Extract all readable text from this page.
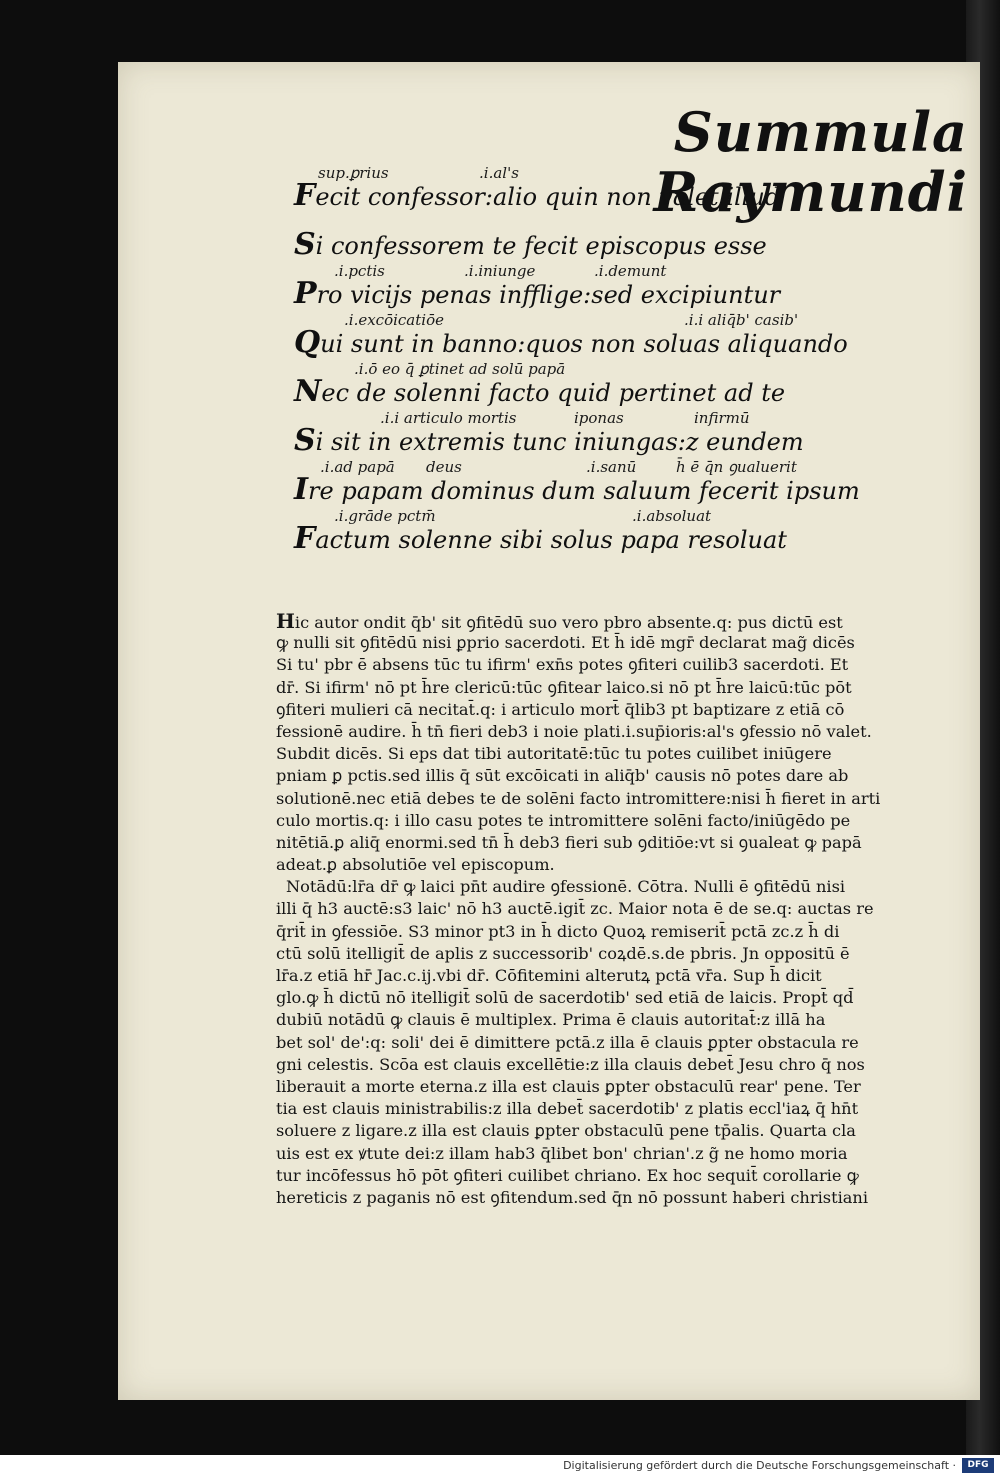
Summula Raymundi
sup.ꝑrius	.i.al's
Fecit confessor:alio quin non valet illud
Si confessorem te fecit episcopus esse
.i.pctis	.i.iniunge	.i.demunt
Pro vicijs penas infflige:sed excipiuntur
.i.excōicatiōe	.i.i aliq̄b' casib'
Qui sunt in banno:quos non soluas aliquando
.i.ō eo q̄ ꝑtinet ad solū papā
Nec de solenni facto quid pertinet ad te
.i.i articulo mortis	iponas	infirmū
Si sit in extremis tunc iniungas:z eundem
.i.ad papā deus	.i.sanū	h̄ ē q̄n ꝯualuerit
Ire papam dominus dum saluum fecerit ipsum
.i.grāde pctm̄	.i.absoluat
Factum solenne sibi solus papa resoluat
Hic autor ondit q̄b' sit ꝯfitēdū suo vero pbro absente.q: pus dictū est
ꝙ nulli sit ꝯfitēdū nisi ꝑprio sacerdoti. Et h̄ idē mgr̄ declarat mag̃ dicēs
Si tu' pbr ē absens tūc tu ifirm' exn̄s potes ꝯfiteri cuilib3 sacerdoti. Et
dr̄. Si ifirm' nō pt h̄re clericū:tūc ꝯfitear laico.si nō pt h̄re laicū:tūc pōt
ꝯfiteri mulieri cā necitat̄.q: i articulo mort̄ q̄lib3 pt baptizare z etiā cō
fessionē audire. h̄ tn̄ fieri deb3 i noie plati.i.sup̄ioris:al's ꝯfessio nō valet.
Subdit dicēs. Si eps dat tibi autoritatē:tūc tu potes cuilibet iniūgere
pniam ꝑ pctis.sed illis q̄ sūt excōicati in aliq̄b' causis nō potes dare ab
solutionē.nec etiā debes te de solēni facto intromittere:nisi h̄ fieret in arti
culo mortis.q: i illo casu potes te intromittere solēni facto/iniūgēdo pe
nitētiā.ꝑ aliq̄ enormi.sed tn̄ h̄ deb3 fieri sub ꝯditiōe:vt si ꝯualeat ꝙ papā
adeat.ꝑ absolutiōe vel episcopum.
Notādū:lr̄a dr̄ ꝙ laici pn̄t audire ꝯfessionē. Cōtra. Nulli ē ꝯfitēdū nisi
illi q̄ h3 auctē:s3 laic' nō h3 auctē.igit̄ zc. Maior nota ē de se.q: auctas re
q̄rit̄ in ꝯfessiōe. S3 minor pt3 in h̄ dicto Quoꝝ remiserit̄ pctā zc.z h̄ di
ctū solū itelligit̄ de aplis z successorib' coꝝdē.s.de pbris. Jn oppositū ē
lr̄a.z etiā hr̄ Jac.c.ij.vbi dr̄. Cōfitemini alterutꝝ pctā vr̄a. Sup h̄ dicit
glo.ꝙ h̄ dictū nō itelligit̄ solū de sacerdotib' sed etiā de laicis. Propt̄ qd̄
dubiū notādū ꝙ clauis ē multiplex. Prima ē clauis autoritat̄:z illā ha
bet sol' de':q: soli' dei ē dimittere pctā.z illa ē clauis ꝑpter obstacula re
gni celestis. Scōa est clauis excellētie:z illa clauis debet̄ Jesu chro q̄ nos
liberauit a morte eterna.z illa est clauis ꝑpter obstaculū rear' pene. Ter
tia est clauis ministrabilis:z illa debet̄ sacerdotib' z platis eccl'iaꝝ q̄ hn̄t
soluere z ligare.z illa est clauis ꝑpter obstaculū pene tp̄alis. Quarta cla
uis est ex ꝟtute dei:z illam hab3 q̄libet bon' chrian'.z g̃ ne homo moria
tur incōfessus hō pōt ꝯfiteri cuilibet chriano. Ex hoc sequit̄ corollarie ꝙ
hereticis z paganis nō est ꝯfitendum.sed q̄n nō possunt haberi christiani
Digitalisierung gefördert durch die Deutsche Forschungsgemeinschaft ·	DFG
